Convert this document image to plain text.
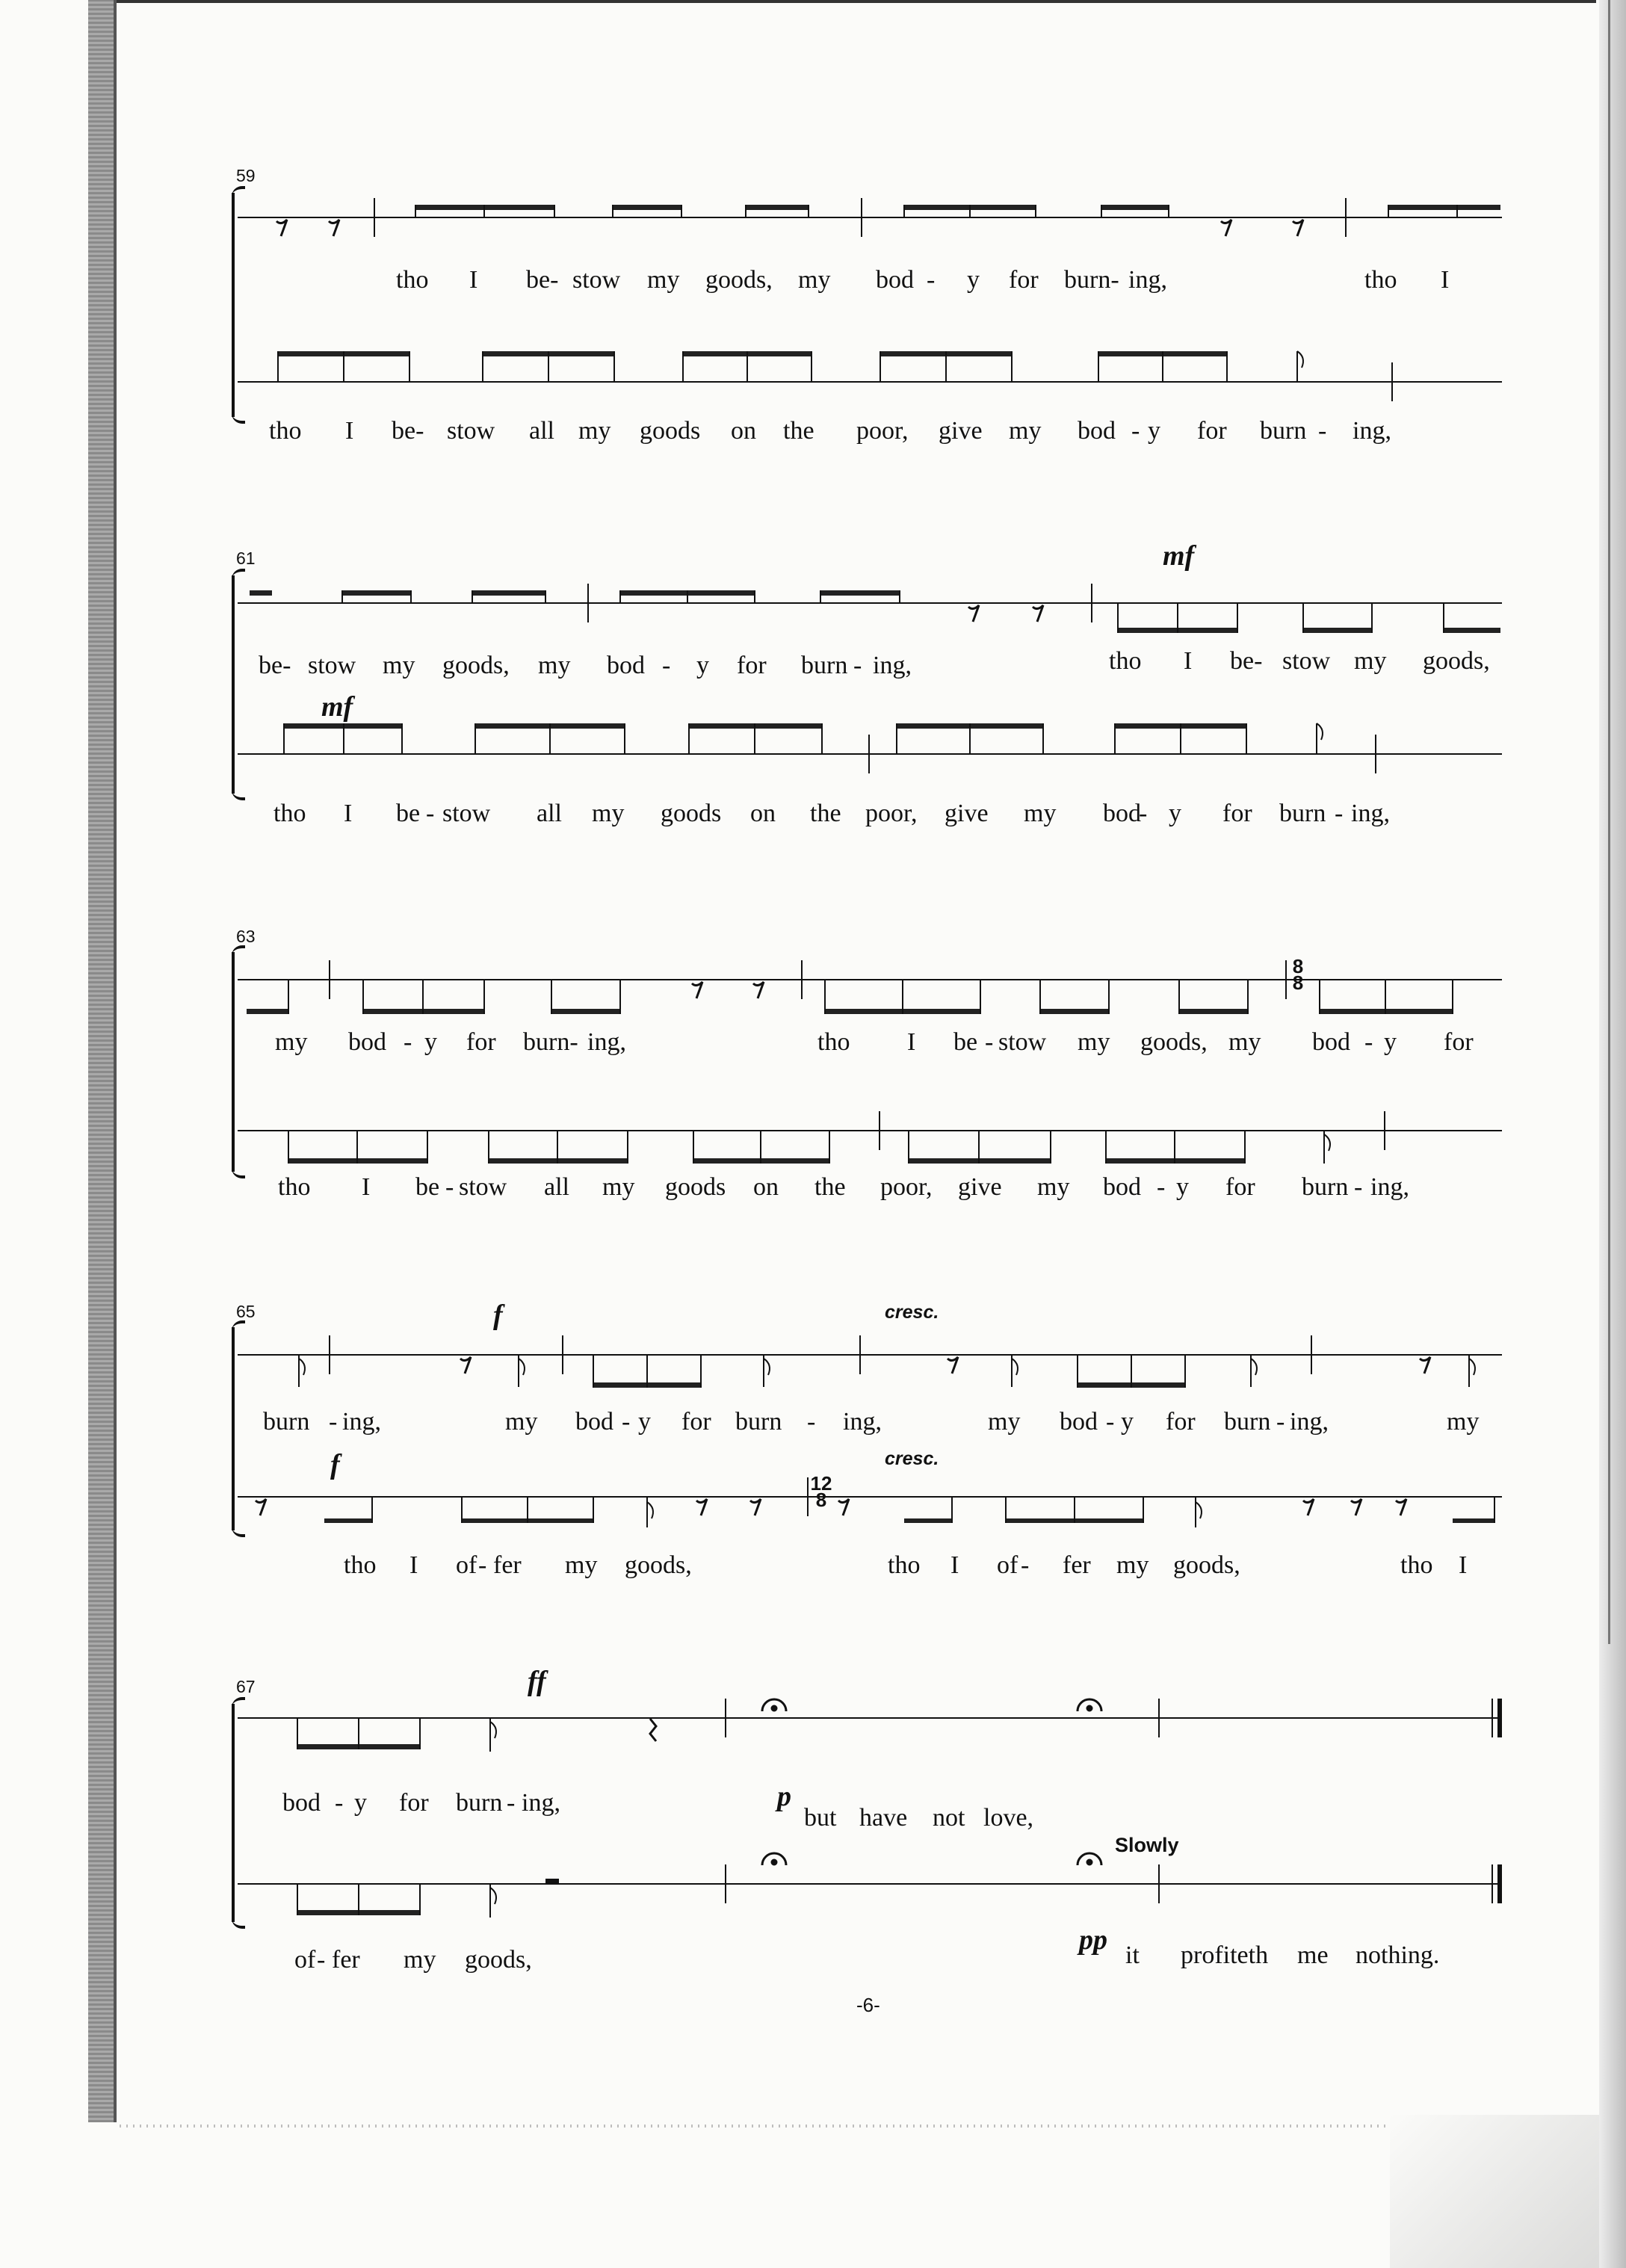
59
tho I be- stow my goods, my bod - y for burn- ing,	tho I
tho I be- stow all my goods on the poor, give my bod - y for burn - ing,
61	mf
mf
be- stow my goods, my bod - y for burn - ing,	tho I be- stow my goods,
tho I be - stow all my goods on the poor, give my bod
- y for burn - ing,
63
8
8
my bod - y for burn- ing,	tho I be - stow my goods, my bod - y for
tho I be - stow all my goods on the poor, give my bod - y for burn - ing,
65
12
8
f
f
cresc.
cresc.
burn - ing,	my bod - y for burn - ing,	my bod - y for burn - ing,	my
tho I of - fer my goods,	tho I of - fer my goods,	tho I
67	ff
p
pp
Slowly
bod - y for burn - ing,
but have not love,
of - fer my goods,	it profiteth me nothing.
-6-
